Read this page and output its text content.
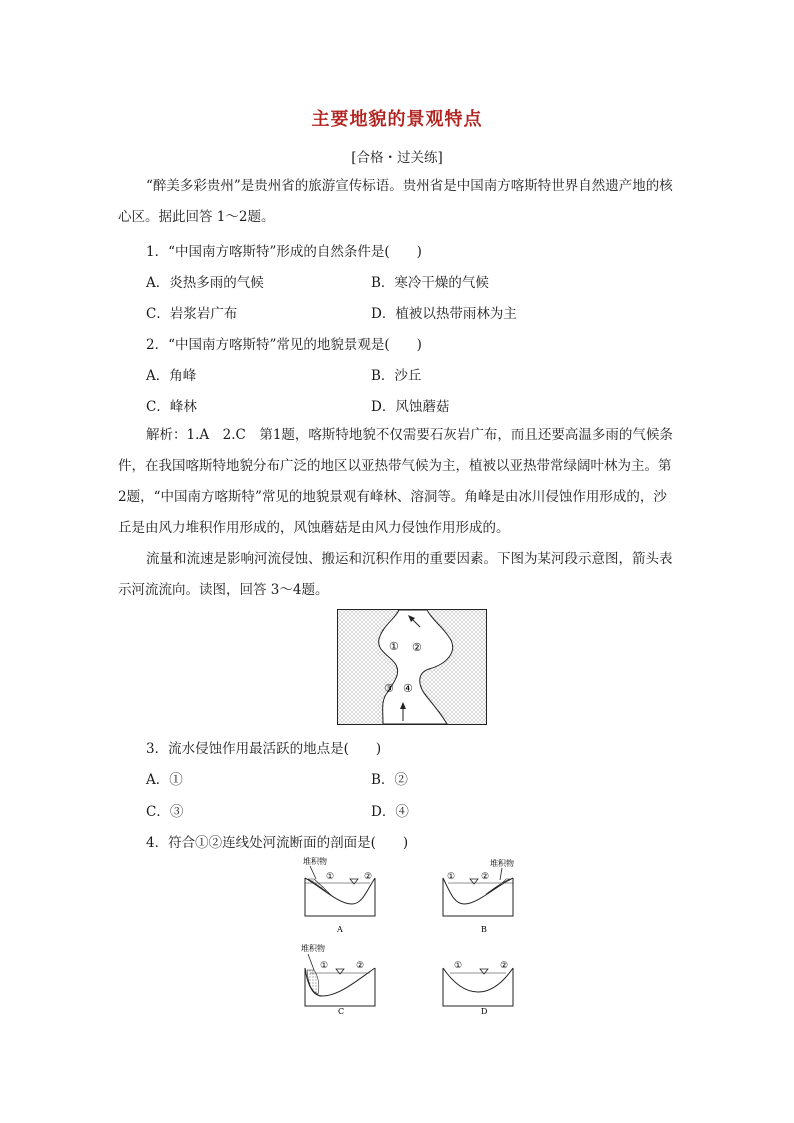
主要地貌的景观特点
[合格・过关练]
“醉美多彩贵州”是贵州省的旅游宣传标语。贵州省是中国南方喀斯特世界自然遗产地的核心区。据此回答 1～2题。
1．“中国南方喀斯特”形成的自然条件是(　　)
A．炎热多雨的气候	B．寒冷干燥的气候
C．岩浆岩广布	D．植被以热带雨林为主
2．“中国南方喀斯特”常见的地貌景观是(　　)
A．角峰	B．沙丘
C．峰林	D．风蚀蘑菇
解析：1.A　2.C　第1题，喀斯特地貌不仅需要石灰岩广布，而且还要高温多雨的气候条件，在我国喀斯特地貌分布广泛的地区以亚热带气候为主，植被以亚热带常绿阔叶林为主。第2题，“中国南方喀斯特”常见的地貌景观有峰林、溶洞等。角峰是由冰川侵蚀作用形成的，沙丘是由风力堆积作用形成的，风蚀蘑菇是由风力侵蚀作用形成的。
流量和流速是影响河流侵蚀、搬运和沉积作用的重要因素。下图为某河段示意图，箭头表示河流流向。读图，回答 3～4题。
① ②
③ ④
3．流水侵蚀作用最活跃的地点是(　　)
A．①	B．②
C．③	D．④
4．符合①②连线处河流断面的剖面是(　　)
堆积物
①	②
A
堆积物
①	②
B
堆积物
①	②
C
①	②
D
